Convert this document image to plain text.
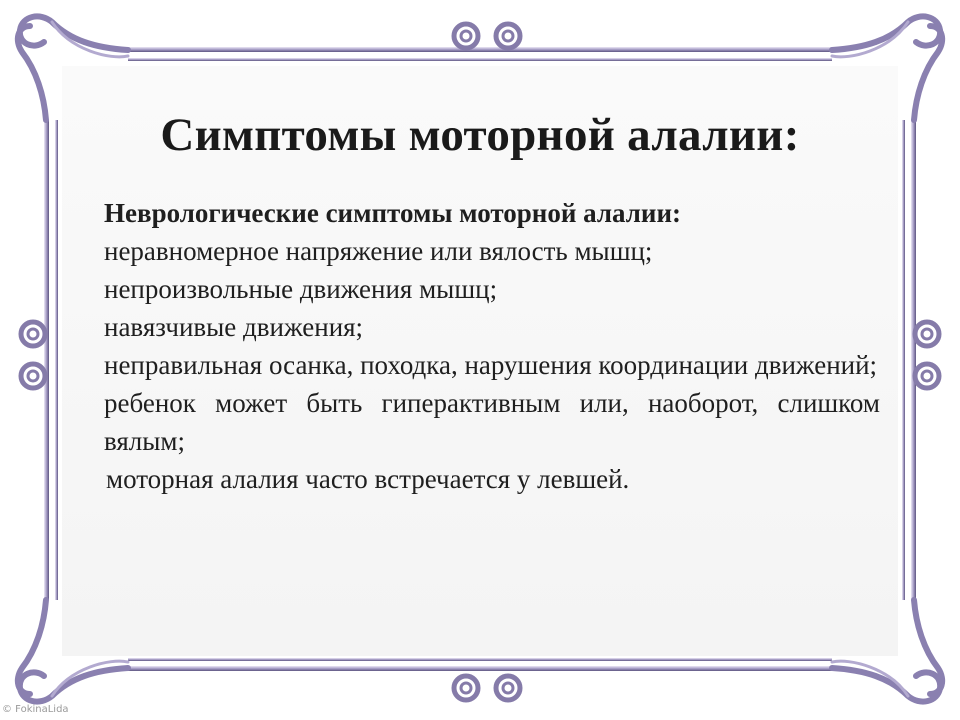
Симптомы моторной алалии:
Неврологические симптомы моторной алалии:
неравномерное напряжение или вялость мышц;
непроизвольные движения мышц;
навязчивые движения;
неправильная осанка, походка, нарушения координации движений;
ребенок может быть гиперактивным или, наоборот, слишком вялым;
моторная алалия часто встречается у левшей.
© FokinaLida
